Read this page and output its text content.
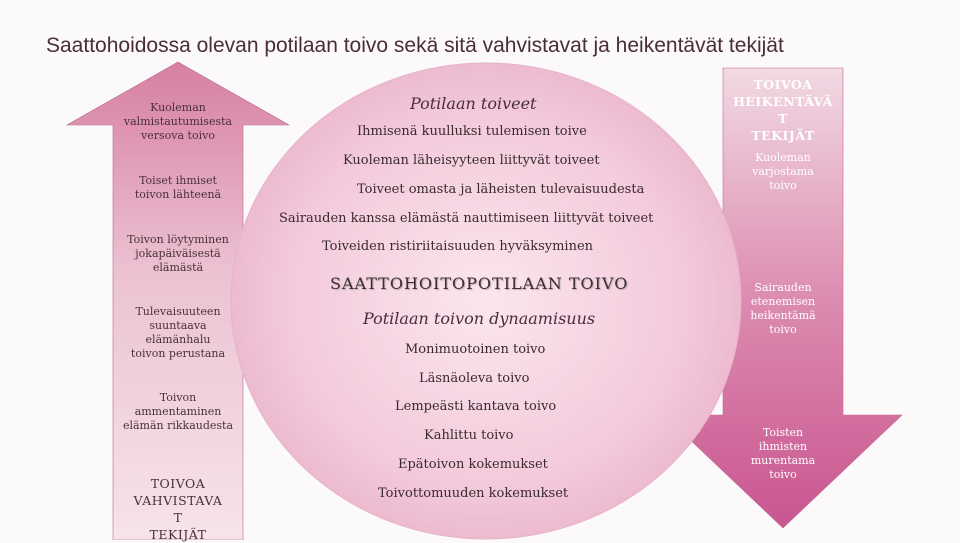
Saattohoidossa olevan potilaan toivo sekä sitä vahvistavat ja heikentävät tekijät
Kuoleman
valmistautumisesta
versova toivo
Toiset ihmiset
toivon lähteenä
Toivon löytyminen
jokapäiväisestä
elämästä
Tulevaisuuteen
suuntaava
elämänhalu
toivon perustana
Toivon
ammentaminen
elämän rikkaudesta
TOIVOA
VAHVISTAVA
T
TEKIJÄT
TOIVOA
HEIKENTÄVÄ
T
TEKIJÄT
Kuoleman
varjostama
toivo
Sairauden
etenemisen
heikentämä
toivo
Toisten
ihmisten
murentama
toivo
Potilaan toiveet
Ihmisenä kuulluksi tulemisen toive
Kuoleman läheisyyteen liittyvät toiveet
Toiveet omasta ja läheisten tulevaisuudesta
Sairauden kanssa elämästä nauttimiseen liittyvät toiveet
Toiveiden ristiriitaisuuden hyväksyminen
SAATTOHOITOPOTILAAN TOIVO
Potilaan toivon dynaamisuus
Monimuotoinen toivo
Läsnäoleva toivo
Lempeästi kantava toivo
Kahlittu toivo
Epätoivon kokemukset
Toivottomuuden kokemukset
